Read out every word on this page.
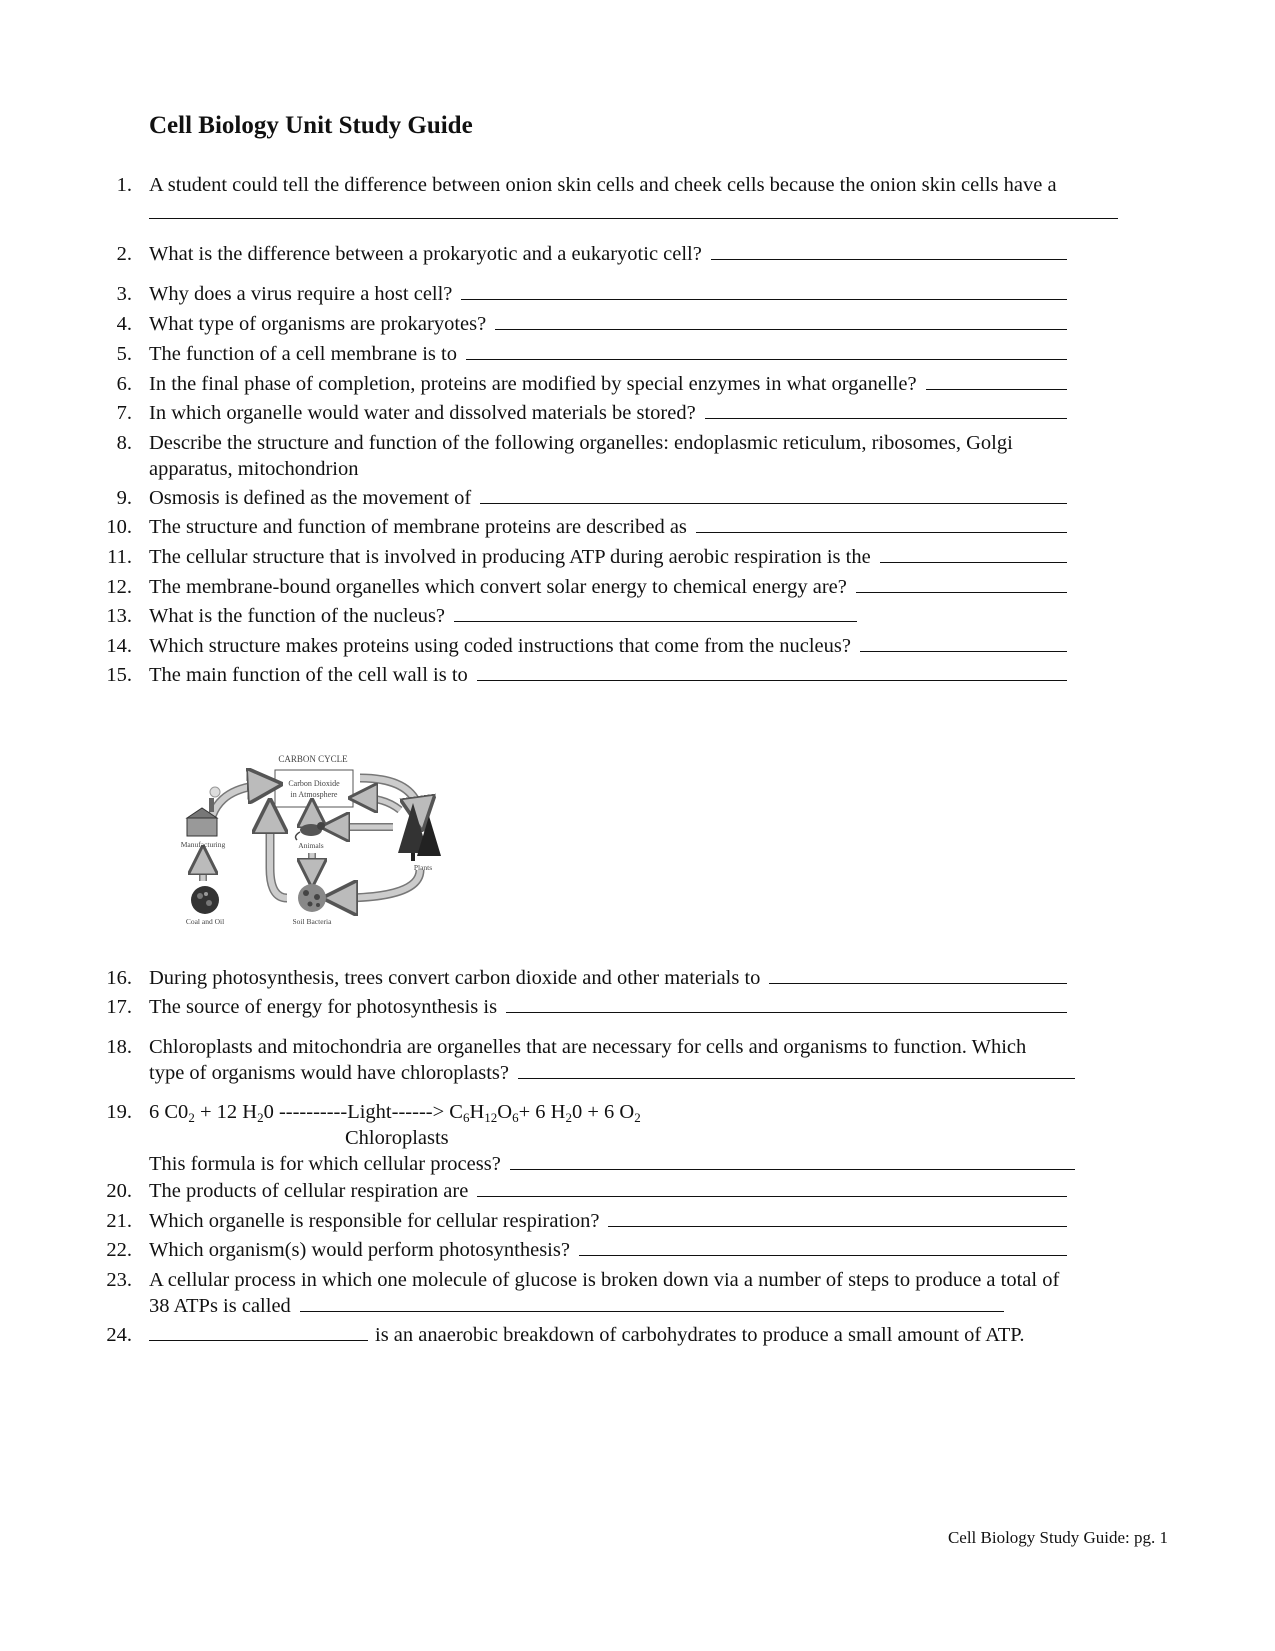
Cell Biology Unit Study Guide
1. A student could tell the difference between onion skin cells and cheek cells because the onion skin cells have a
2. What is the difference between a prokaryotic and a eukaryotic cell?
3. Why does a virus require a host cell?
4. What type of organisms are prokaryotes?
5. The function of a cell membrane is to
6. In the final phase of completion, proteins are modified by special enzymes in what organelle?
7. In which organelle would water and dissolved materials be stored?
8. Describe the structure and function of the following organelles: endoplasmic reticulum, ribosomes, Golgi
apparatus, mitochondrion
9. Osmosis is defined as the movement of
10. The structure and function of membrane proteins are described as
11. The cellular structure that is involved in producing ATP during aerobic respiration is the
12. The membrane-bound organelles which convert solar energy to chemical energy are?
13. What is the function of the nucleus?
14. Which structure makes proteins using coded instructions that come from the nucleus?
15. The main function of the cell wall is to
CARBON CYCLE
Carbon Dioxide
in Atmosphere
Manufacturing	Animals
Plants
Coal and Oil	Soil Bacteria
16. During photosynthesis, trees convert carbon dioxide and other materials to
17. The source of energy for photosynthesis is
18. Chloroplasts and mitochondria are organelles that are necessary for cells and organisms to function. Which
type of organisms would have chloroplasts?
19. 6 $C0_2 + 12$ $H_20$ ---------- Light ------> $C_6H_{12}O_6+ 6$ $H_20 + 6$ $O_2$
Chloroplasts
This formula is for which cellular process?
20. The products of cellular respiration are
21. Which organelle is responsible for cellular respiration?
22. Which organism(s) would perform photosynthesis?
23. A cellular process in which one molecule of glucose is broken down via a number of steps to produce a total of
38 ATPs is called
24.	is an anaerobic breakdown of carbohydrates to produce a small amount of ATP.
Cell Biology Study Guide: pg. 1
